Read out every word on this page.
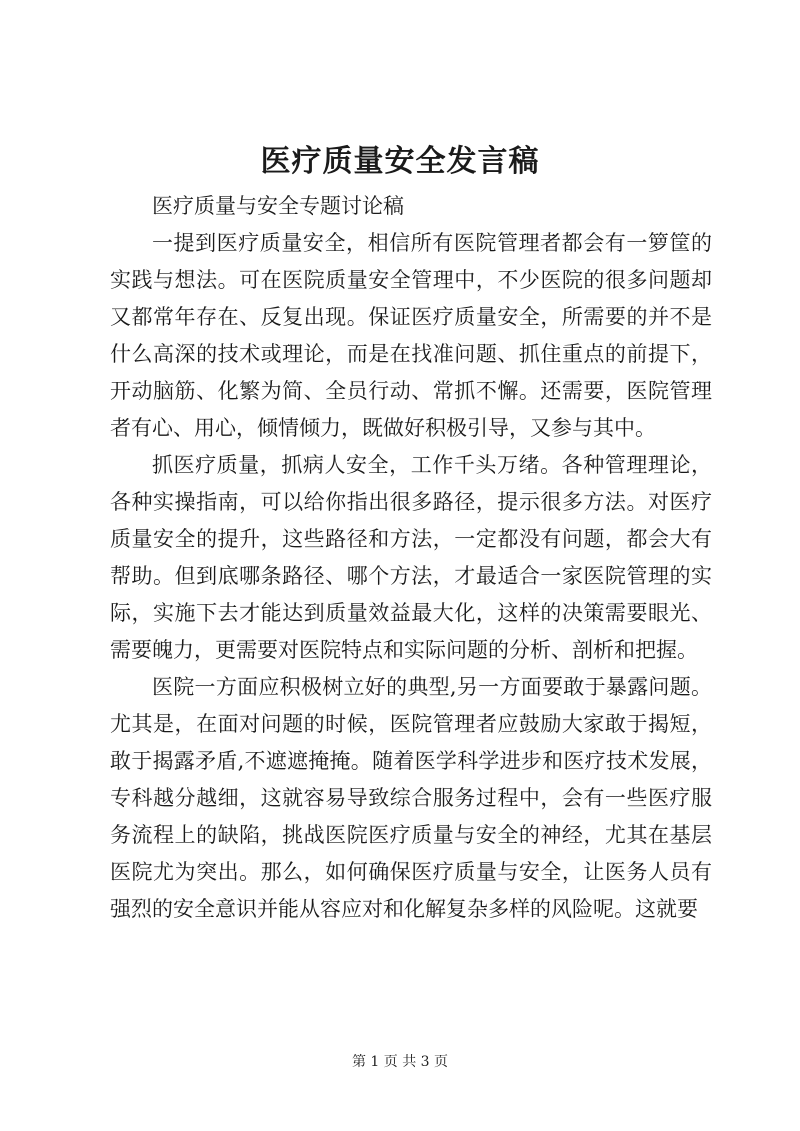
医疗质量安全发言稿

医疗质量与安全专题讨论稿

一提到医疗质量安全，相信所有医院管理者都会有一箩筐的实践与想法。可在医院质量安全管理中，不少医院的很多问题却又都常年存在、反复出现。保证医疗质量安全，所需要的并不是什么高深的技术或理论，而是在找准问题、抓住重点的前提下，开动脑筋、化繁为简、全员行动、常抓不懈。还需要，医院管理者有心、用心，倾情倾力，既做好积极引导，又参与其中。

抓医疗质量，抓病人安全，工作千头万绪。各种管理理论，各种实操指南，可以给你指出很多路径，提示很多方法。对医疗质量安全的提升，这些路径和方法，一定都没有问题，都会大有帮助。但到底哪条路径、哪个方法，才最适合一家医院管理的实际，实施下去才能达到质量效益最大化，这样的决策需要眼光、需要魄力，更需要对医院特点和实际问题的分析、剖析和把握。

医院一方面应积极树立好的典型,另一方面要敢于暴露问题。尤其是，在面对问题的时候，医院管理者应鼓励大家敢于揭短，敢于揭露矛盾,不遮遮掩掩。随着医学科学进步和医疗技术发展，专科越分越细，这就容易导致综合服务过程中，会有一些医疗服务流程上的缺陷，挑战医院医疗质量与安全的神经，尤其在基层医院尤为突出。那么，如何确保医疗质量与安全，让医务人员有强烈的安全意识并能从容应对和化解复杂多样的风险呢。这就要

第 1 页 共 3 页
